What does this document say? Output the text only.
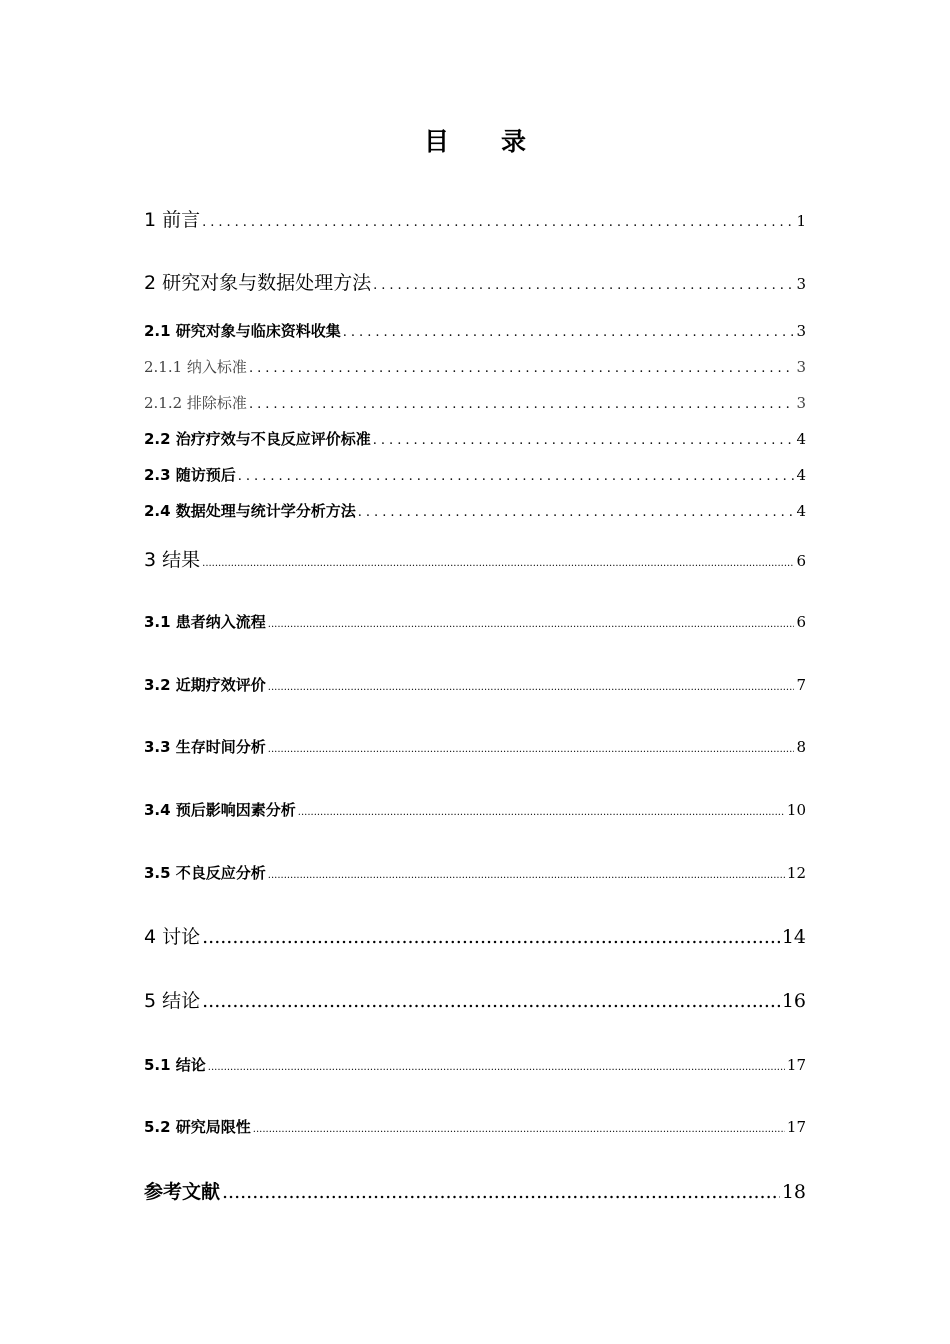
目 录
1 前言 .....	1
2 研究对象与数据处理方法 .....	3
2.1 研究对象与临床资料收集 .....	3
2.1.1 纳入标准 .....	3
2.1.2 排除标准 .....	3
2.2 治疗疗效与不良反应评价标准 .....	4
2.3 随访预后 .....	4
2.4 数据处理与统计学分析方法 .....	4
3 结果 .....	6
3.1 患者纳入流程 .....	6
3.2 近期疗效评价 .....	7
3.3 生存时间分析 .....	8
3.4 预后影响因素分析 .....	10
3.5 不良反应分析 .....	12
4 讨论 .....	14
5 结论 .....	16
5.1 结论 .....	17
5.2 研究局限性 .....	17
参考文献 .....	18
